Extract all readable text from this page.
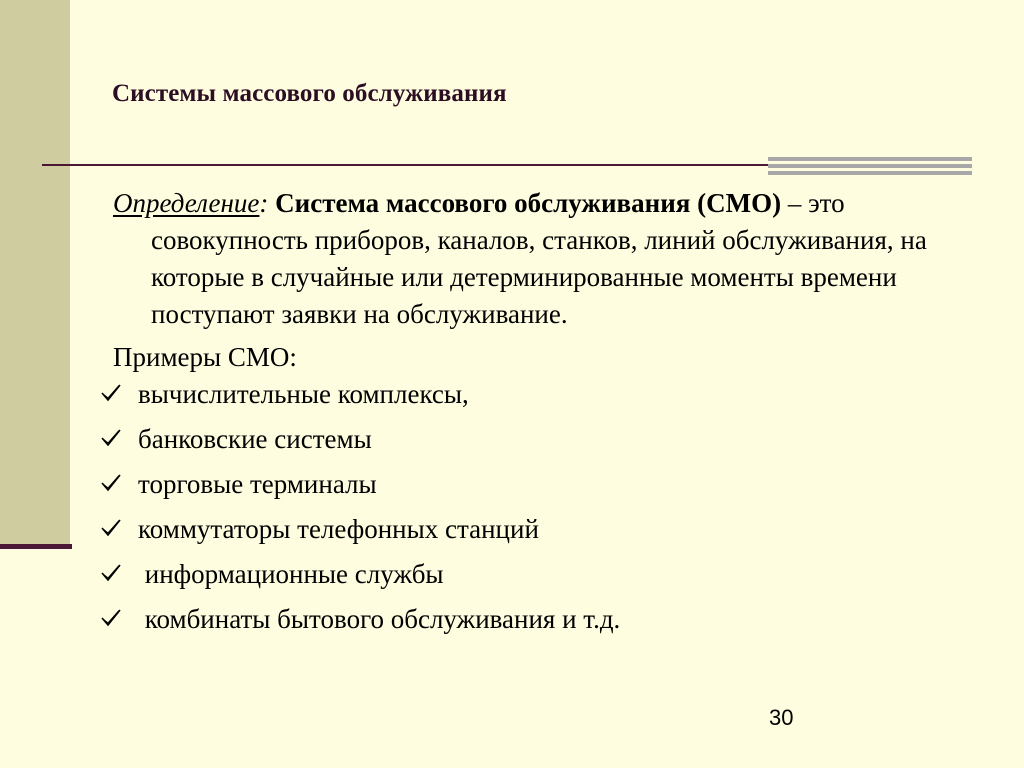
Системы массового обслуживания
Определение: Система массового обслуживания (СМО) – это совокупность приборов, каналов, станков, линий обслуживания, на которые в случайные или детерминированные моменты времени поступают заявки на обслуживание.
Примеры СМО:
вычислительные комплексы,
банковские системы
торговые терминалы
коммутаторы телефонных станций
информационные службы
комбинаты бытового обслуживания и т.д.
30
